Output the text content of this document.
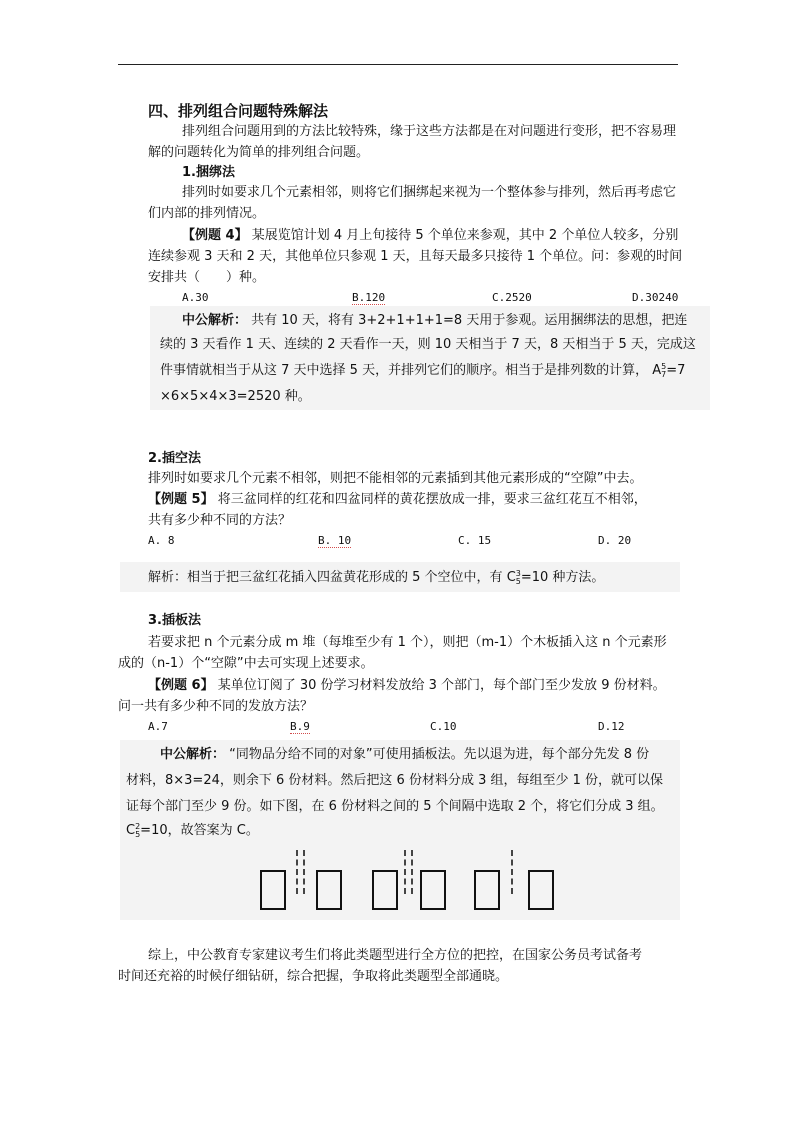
四、排列组合问题特殊解法
排列组合问题用到的方法比较特殊，缘于这些方法都是在对问题进行变形，把不容易理
解的问题转化为简单的排列组合问题。
1.捆绑法
排列时如要求几个元素相邻，则将它们捆绑起来视为一个整体参与排列，然后再考虑它
们内部的排列情况。
【例题 4】 某展览馆计划 4 月上旬接待 5 个单位来参观，其中 2 个单位人较多，分别
连续参观 3 天和 2 天，其他单位只参观 1 天，且每天最多只接待 1 个单位。问：参观的时间
安排共（　　）种。
A.30	B.120	C.2520	D.30240
中公解析： 共有 10 天，将有 3+2+1+1+1=8 天用于参观。运用捆绑法的思想，把连
续的 3 天看作 1 天、连续的 2 天看作一天，则 10 天相当于 7 天，8 天相当于 5 天，完成这
件事情就相当于从这 7 天中选择 5 天，并排列它们的顺序。相当于是排列数的计算， A 5
7 =7
×6×5×4×3=2520 种。
2.插空法
排列时如要求几个元素不相邻，则把不能相邻的元素插到其他元素形成的“空隙”中去。
【例题 5】 将三盆同样的红花和四盆同样的黄花摆放成一排，要求三盆红花互不相邻，
共有多少种不同的方法？
A. 8	B. 10	C. 15	D. 20
解析：相当于把三盆红花插入四盆黄花形成的 5 个空位中，有 C 3
5 =10 种方法。
3.插板法
若要求把 n 个元素分成 m 堆（每堆至少有 1 个），则把（m-1）个木板插入这 n 个元素形
成的（n-1）个“空隙”中去可实现上述要求。
【例题 6】 某单位订阅了 30 份学习材料发放给 3 个部门，每个部门至少发放 9 份材料。
问一共有多少种不同的发放方法？
A.7	B.9	C.10	D.12
中公解析： “同物品分给不同的对象”可使用插板法。先以退为进，每个部分先发 8 份
材料，8×3=24，则余下 6 份材料。然后把这 6 份材料分成 3 组，每组至少 1 份，就可以保
证每个部门至少 9 份。如下图，在 6 份材料之间的 5 个间隔中选取 2 个，将它们分成 3 组。
C 2
5 =10，故答案为 C。
综上，中公教育专家建议考生们将此类题型进行全方位的把控，在国家公务员考试备考
时间还充裕的时候仔细钻研，综合把握，争取将此类题型全部通晓。
